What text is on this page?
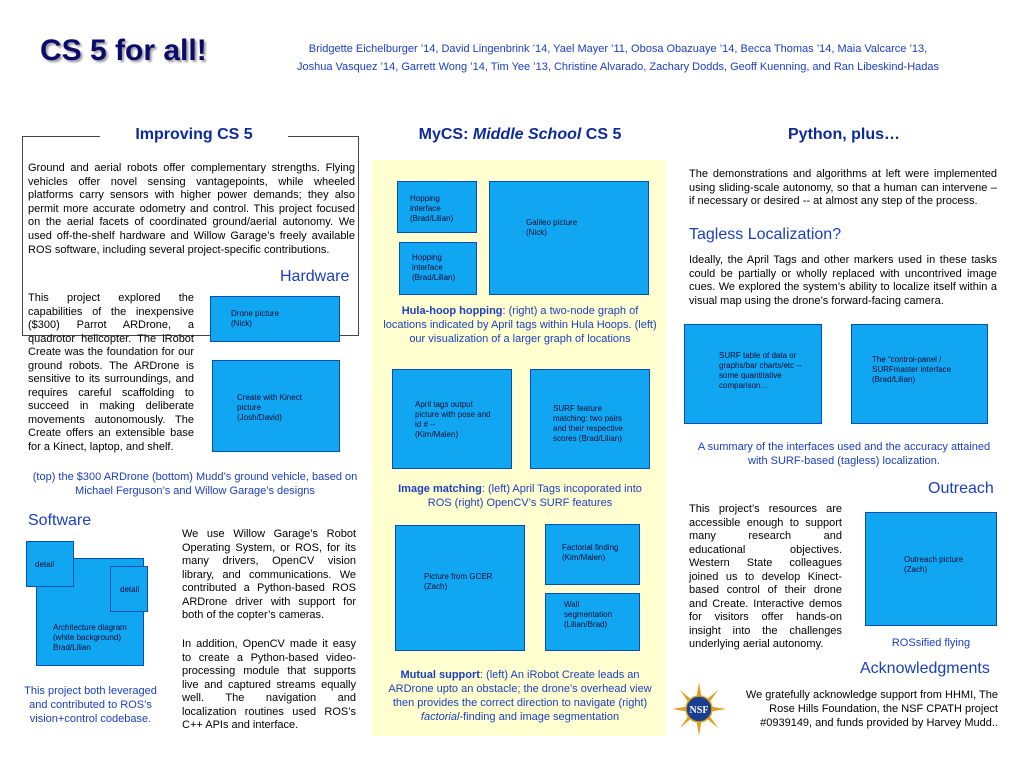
CS 5 for all!	Bridgette Eichelburger ’14, David Lingenbrink ’14, Yael Mayer ’11, Obosa Obazuaye ’14, Becca Thomas ’14, Maia Valcarce ’13,
Joshua Vasquez ’14, Garrett Wong ’14, Tim Yee ’13, Christine Alvarado, Zachary Dodds, Geoff Kuenning, and Ran Libeskind-Hadas
Improving CS 5
Ground and aerial robots offer complementary strengths. Flying vehicles offer novel sensing vantagepoints, while wheeled platforms carry sensors with higher power demands; they also permit more accurate odometry and control. This project focused on the aerial facets of coordinated ground/aerial autonomy. We used off-the-shelf hardware and Willow Garage’s freely available ROS software, including several project-specific contributions.
Hardware
This project explored the capabilities of the inexpensive ($300) Parrot ARDrone, a quadrotor helicopter. The iRobot Create was the foundation for our ground robots. The ARDrone is sensitive to its surroundings, and requires careful scaffolding to succeed in making deliberate movements autonomously. The Create offers an extensible base for a Kinect, laptop, and shelf.
Drone picture
(Nick)
Create with Kinect picture
(Josh/David)
(top) the $300 ARDrone (bottom) Mudd’s ground vehicle, based on Michael Ferguson’s and Willow Garage’s designs
Software
Architecture diagram
(white background)
Brad/Lilian
detail
detail
This project both leveraged and contributed to ROS’s vision+control codebase.
We use Willow Garage’s Robot Operating System, or ROS, for its many drivers, OpenCV vision library, and communications. We contributed a Python-based ROS ARDrone driver with support for both of the copter’s cameras.
In addition, OpenCV made it easy to create a Python-based video-processing module that supports live and captured streams equally well. The navigation and localization routines used ROS’s C++ APIs and interface.
MyCS: Middle School CS 5
Hopping interface
(Brad/Lilian)
Hopping interface
(Brad/Lilian)
Galileo picture
(Nick)
Hula-hoop hopping: (right) a two-node graph of locations indicated by April tags within Hula Hoops. (left) our visualization of a larger graph of locations
April tags output picture with pose and id # --
(Kim/Malen)
SURF feature matching: two pairs and their respective scores (Brad/Lilian)
Image matching: (left) April Tags incoporated into ROS (right) OpenCV’s SURF features
Picture from GCER (Zach)
Factorial finding
(Kim/Malen)
Wall segmentation
(Lilian/Brad)
Mutual support: (left) An iRobot Create leads an ARDrone upto an obstacle; the drone’s overhead view then provides the correct direction to navigate (right) factorial-finding and image segmentation
Python, plus…
The demonstrations and algorithms at left were implemented using sliding-scale autonomy, so that a human can intervene – if necessary or desired -- at almost any step of the process.
Tagless Localization?
Ideally, the April Tags and other markers used in these tasks could be partially or wholly replaced with uncontrived image cues. We explored the system’s ability to localize itself within a visual map using the drone’s forward-facing camera.
SURF table of data or graphs/bar charts/etc -- some quantitative comparison…
The “control-panel / SURFmaster interface (Brad/Lilian)
A summary of the interfaces used and the accuracy attained with SURF-based (tagless) localization.
Outreach
This project’s resources are accessible enough to support many research and educational objectives. Western State colleagues joined us to develop Kinect-based control of their drone and Create. Interactive demos for visitors offer hands-on insight into the challenges underlying aerial autonomy.
Outreach picture
(Zach)
ROSsified flying
Acknowledgments
NSF
We gratefully acknowledge support from HHMI, The Rose Hills Foundation, the NSF CPATH project #0939149, and funds provided by Harvey Mudd..
